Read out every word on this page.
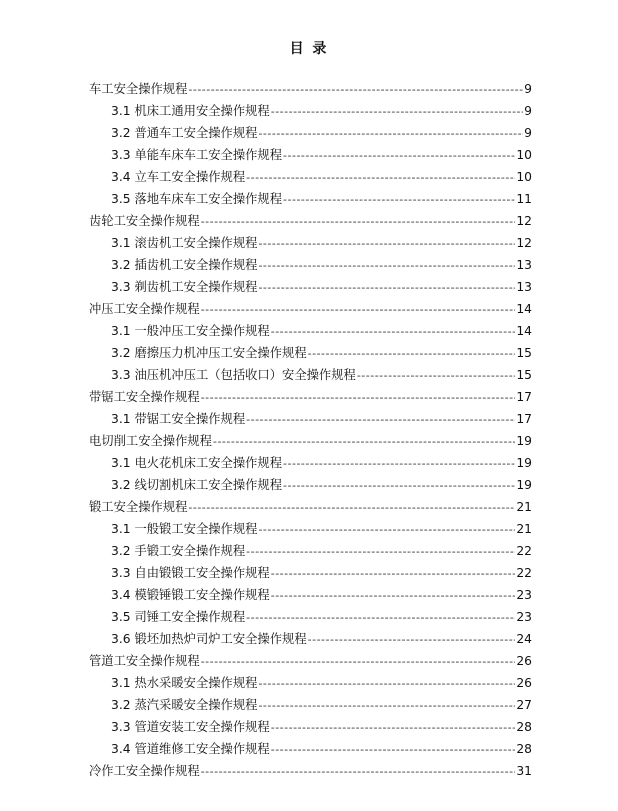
目 录
车工安全操作规程 -----	9
3.1 机床工通用安全操作规程 -----	9
3.2 普通车工安全操作规程 -----	9
3.3 单能车床车工安全操作规程 -----	10
3.4 立车工安全操作规程 -----	10
3.5 落地车床车工安全操作规程 -----	11
齿轮工安全操作规程 -----	12
3.1 滚齿机工安全操作规程 -----	12
3.2 插齿机工安全操作规程 -----	13
3.3 剃齿机工安全操作规程 -----	13
冲压工安全操作规程 -----	14
3.1 一般冲压工安全操作规程 -----	14
3.2 磨擦压力机冲压工安全操作规程 -----	15
3.3 油压机冲压工（包括收口）安全操作规程 -----	15
带锯工安全操作规程 -----	17
3.1 带锯工安全操作规程 -----	17
电切削工安全操作规程 -----	19
3.1 电火花机床工安全操作规程 -----	19
3.2 线切割机床工安全操作规程 -----	19
锻工安全操作规程 -----	21
3.1 一般锻工安全操作规程 -----	21
3.2 手锻工安全操作规程 -----	22
3.3 自由锻锻工安全操作规程 -----	22
3.4 模锻锤锻工安全操作规程 -----	23
3.5 司锤工安全操作规程 -----	23
3.6 锻坯加热炉司炉工安全操作规程 -----	24
管道工安全操作规程 -----	26
3.1 热水采暖安全操作规程 -----	26
3.2 蒸汽采暖安全操作规程 -----	27
3.3 管道安装工安全操作规程 -----	28
3.4 管道维修工安全操作规程 -----	28
冷作工安全操作规程 -----	31
